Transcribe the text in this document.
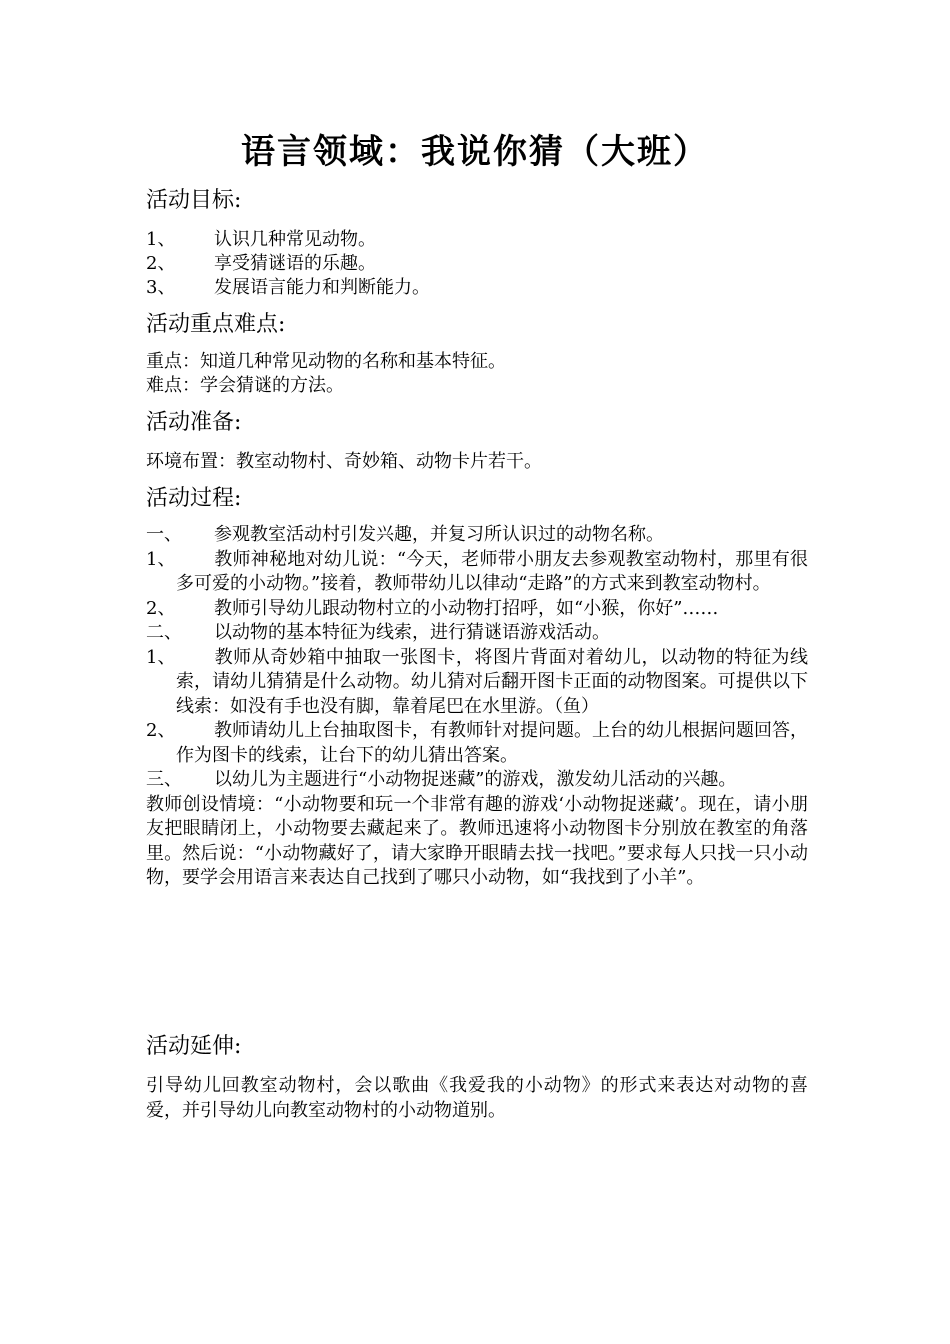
语言领域：我说你猜（大班）
活动目标:
1、 认识几种常见动物。
2、 享受猜谜语的乐趣。
3、 发展语言能力和判断能力。
活动重点难点:
重点：知道几种常见动物的名称和基本特征。
难点：学会猜谜的方法。
活动准备:
环境布置：教室动物村、奇妙箱、动物卡片若干。
活动过程:
一、 参观教室活动村引发兴趣，并复习所认识过的动物名称。
1、 教师神秘地对幼儿说：“今天，老师带小朋友去参观教室动物村，那里有很多可爱的小动物。”接着，教师带幼儿以律动“走路”的方式来到教室动物村。
2、 教师引导幼儿跟动物村立的小动物打招呼，如“小猴，你好”……
二、 以动物的基本特征为线索，进行猜谜语游戏活动。
1、 教师从奇妙箱中抽取一张图卡，将图片背面对着幼儿，以动物的特征为线索，请幼儿猜猜是什么动物。幼儿猜对后翻开图卡正面的动物图案。可提供以下线索：如没有手也没有脚，靠着尾巴在水里游。（鱼）
2、 教师请幼儿上台抽取图卡，有教师针对提问题。上台的幼儿根据问题回答，作为图卡的线索，让台下的幼儿猜出答案。
三、 以幼儿为主题进行“小动物捉迷藏”的游戏，激发幼儿活动的兴趣。
教师创设情境：“小动物要和玩一个非常有趣的游戏‘小动物捉迷藏’。现在，请小朋友把眼睛闭上，小动物要去藏起来了。教师迅速将小动物图卡分别放在教室的角落里。然后说：“小动物藏好了，请大家睁开眼睛去找一找吧。”要求每人只找一只小动物，要学会用语言来表达自己找到了哪只小动物，如“我找到了小羊”。
活动延伸:
引导幼儿回教室动物村，会以歌曲《我爱我的小动物》的形式来表达对动物的喜爱，并引导幼儿向教室动物村的小动物道别。
